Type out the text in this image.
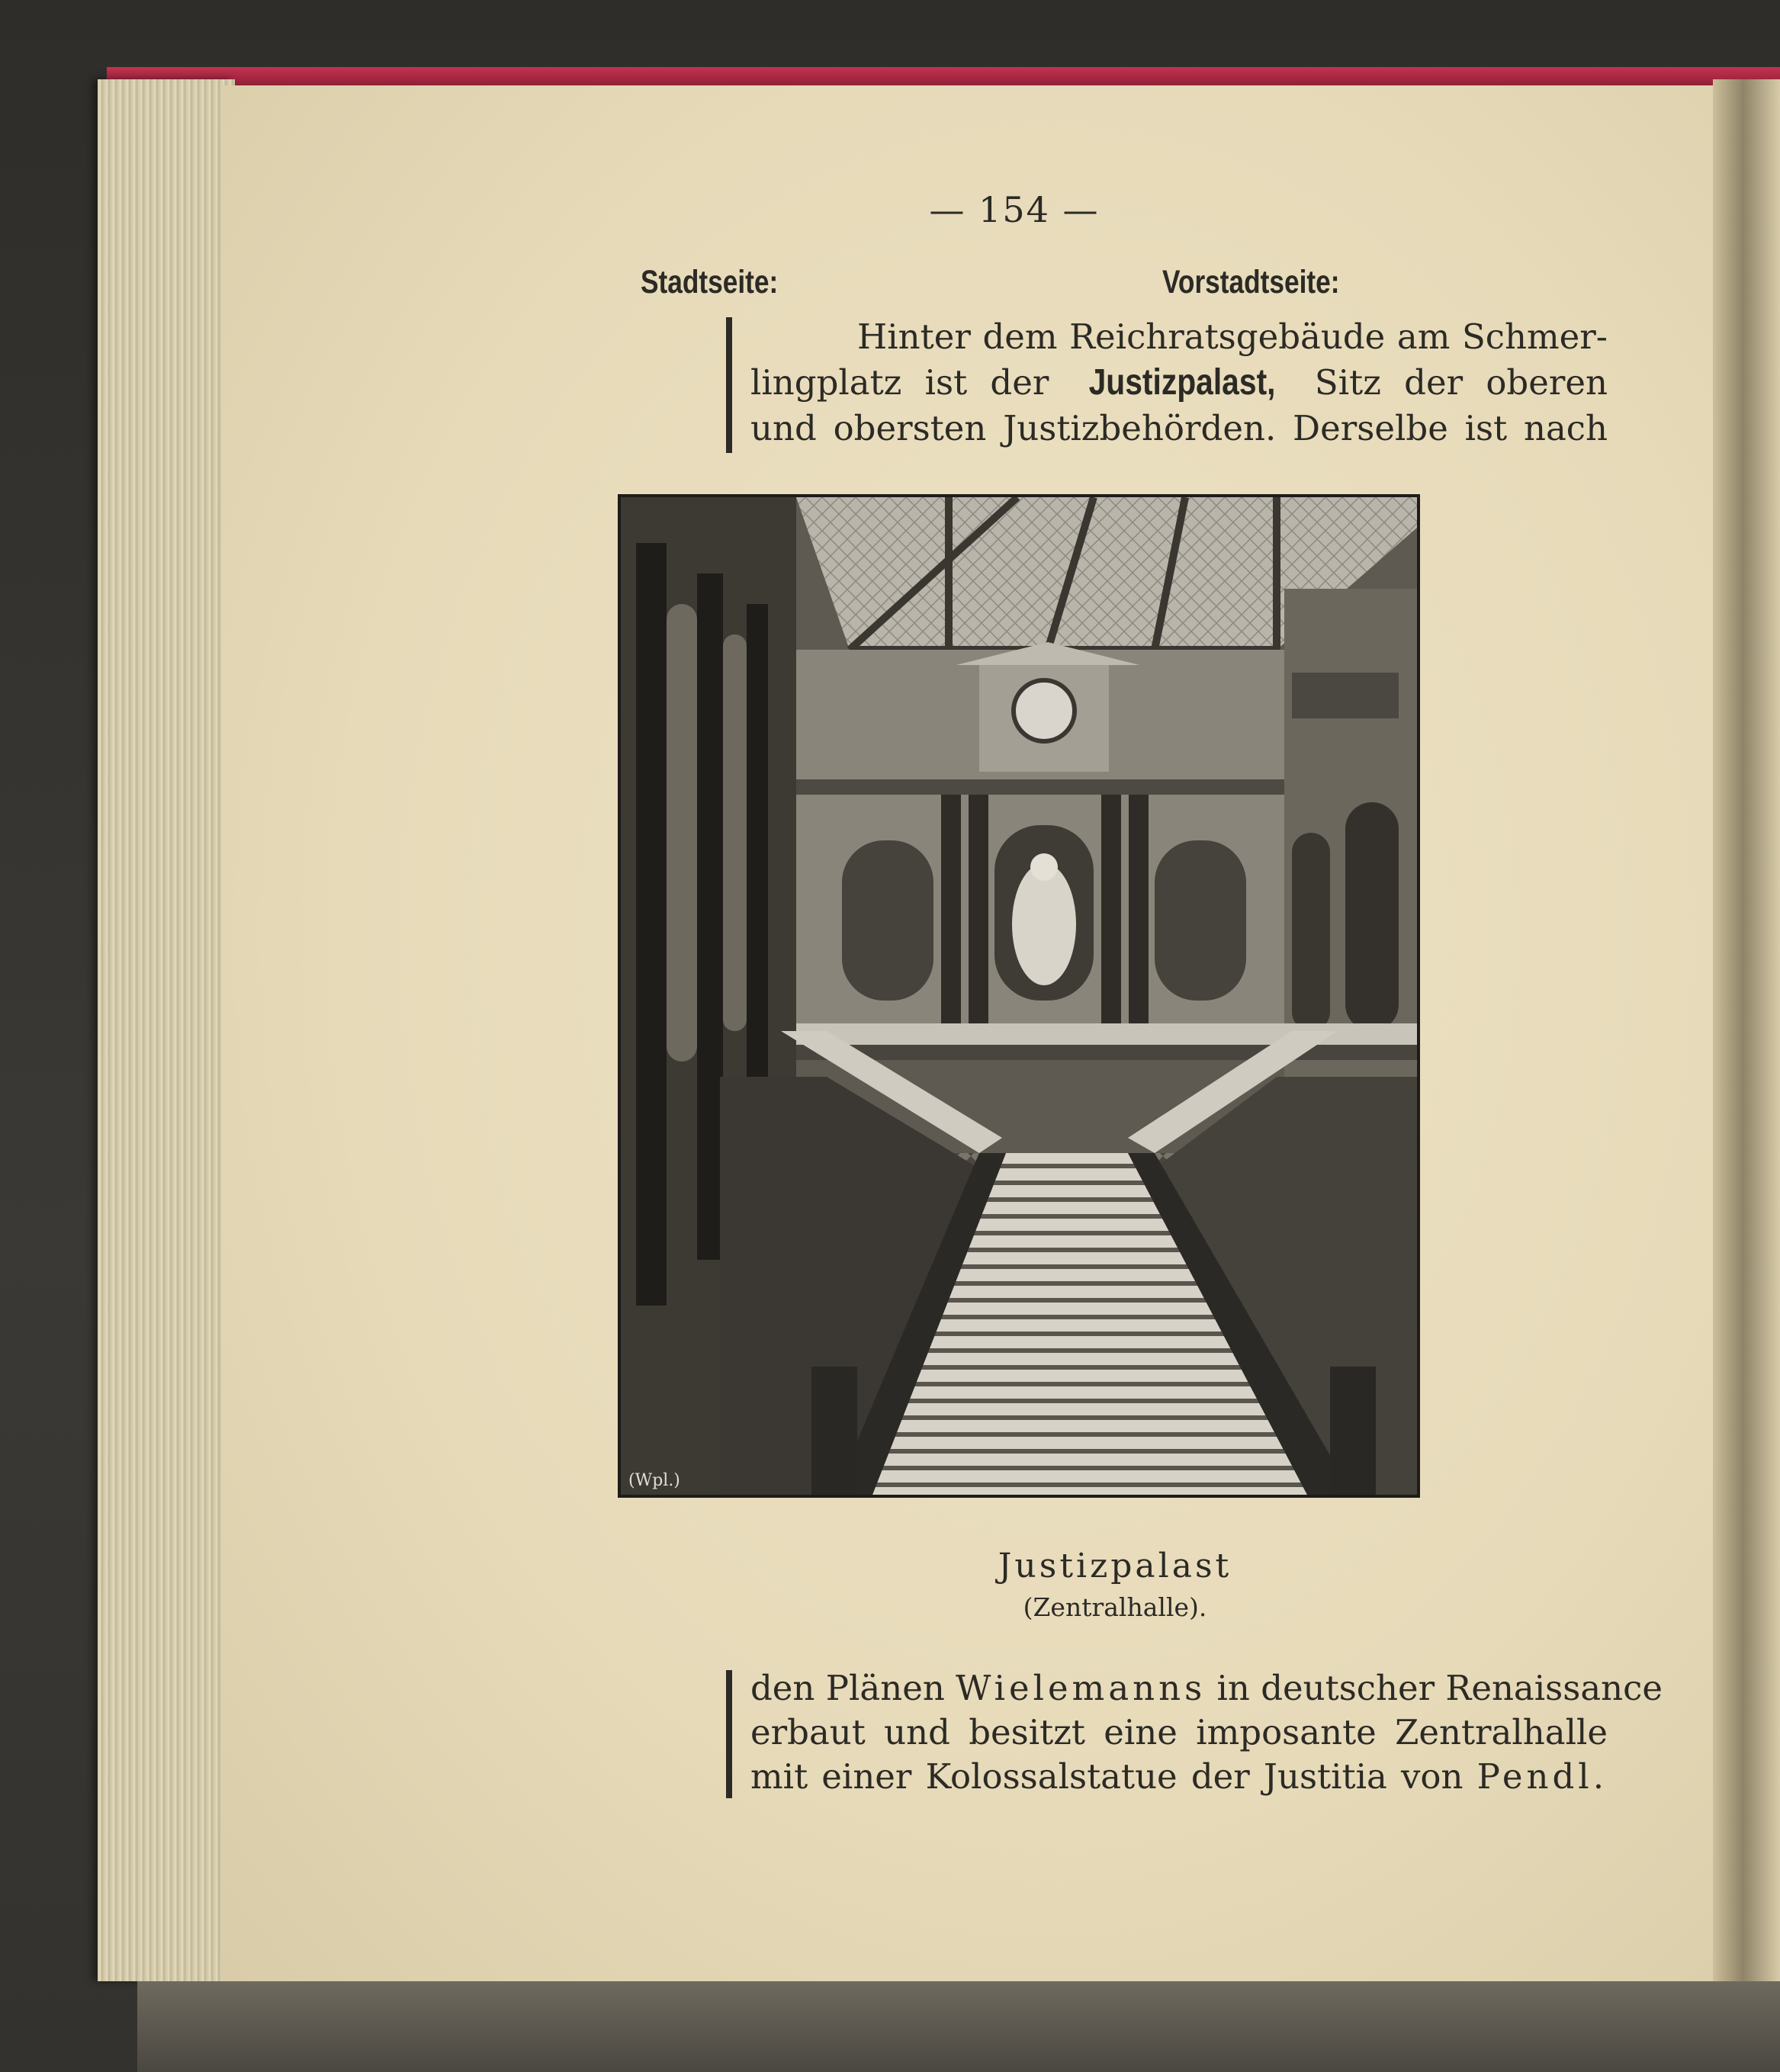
— 154 —
Stadtseite:	Vorstadtseite:
Hinter dem Reichratsgebäude am Schmer-
lingplatz ist der Justizpalast, Sitz der oberen
und obersten Justizbehörden. Derselbe ist nach
(Wpl.)
Justizpalast
(Zentralhalle).
den Plänen Wielemanns in deutscher Renaissance
erbaut und besitzt eine imposante Zentralhalle
mit einer Kolossalstatue der Justitia von Pendl.
